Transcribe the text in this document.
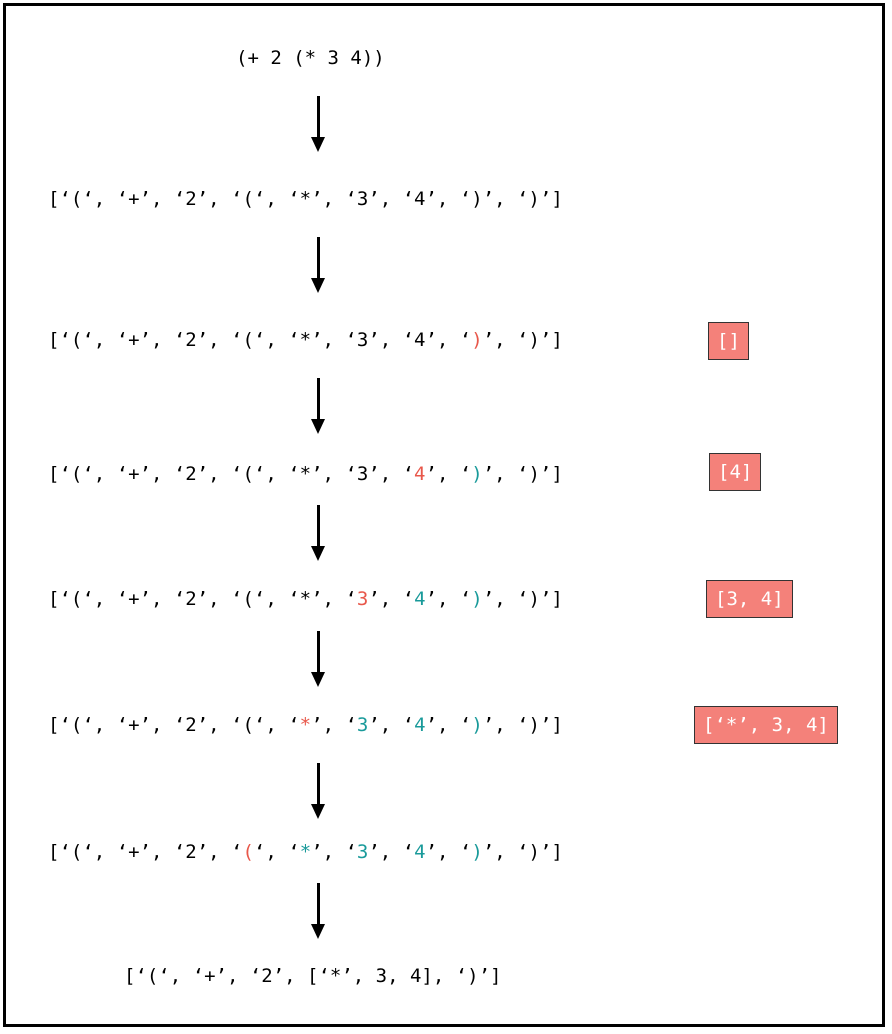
(+ 2 (* 3 4))
[‘(‘, ‘+’, ‘2’, ‘(‘, ‘*’, ‘3’, ‘4’, ‘)’, ‘)’]
[‘(‘, ‘+’, ‘2’, ‘(‘, ‘*’, ‘3’, ‘4’, ‘)’, ‘)’]
[‘(‘, ‘+’, ‘2’, ‘(‘, ‘*’, ‘3’, ‘4’, ‘)’, ‘)’]
[‘(‘, ‘+’, ‘2’, ‘(‘, ‘*’, ‘3’, ‘4’, ‘)’, ‘)’]
[‘(‘, ‘+’, ‘2’, ‘(‘, ‘*’, ‘3’, ‘4’, ‘)’, ‘)’]
[‘(‘, ‘+’, ‘2’, ‘(‘, ‘*’, ‘3’, ‘4’, ‘)’, ‘)’]
[‘(‘, ‘+’, ‘2’, [‘*’, 3, 4], ‘)’]
[]
[4]
[3, 4]
[‘*’, 3, 4]
